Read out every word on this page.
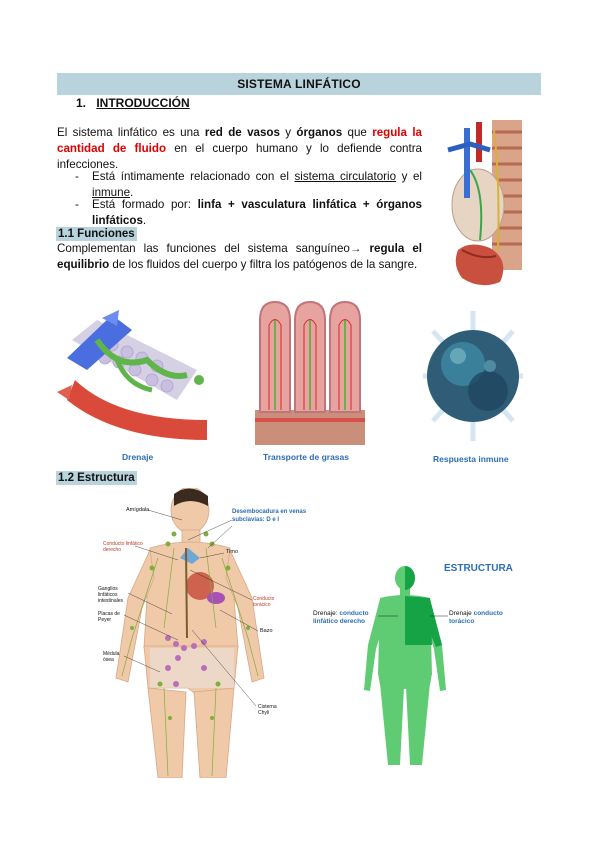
SISTEMA LINFÁTICO
1. INTRODUCCIÓN
El sistema linfático es una red de vasos y órganos que regula la cantidad de fluido en el cuerpo humano y lo defiende contra infecciones.
- Está íntimamente relacionado con el sistema circulatorio y el inmune.
- Está formado por: linfa + vasculatura linfática + órganos linfáticos.
1.1 Funciones
Complementan las funciones del sistema sanguíneo→ regula el equilibrio de los fluidos del cuerpo y filtra los patógenos de la sangre.
Drenaje	Transporte de grasas	Respuesta inmune
1.2 Estructura
Amígdala	Desembocadura en venas subclavias: D e I
Conducto linfático derecho	Timo
Ganglios linfáticos intestinales
Placas de Peyer
Conducto torácico
Bazo
Médula ósea
Cisterna Chyli
ESTRUCTURA
Drenaje: conducto linfático derecho
Drenaje conducto torácico
